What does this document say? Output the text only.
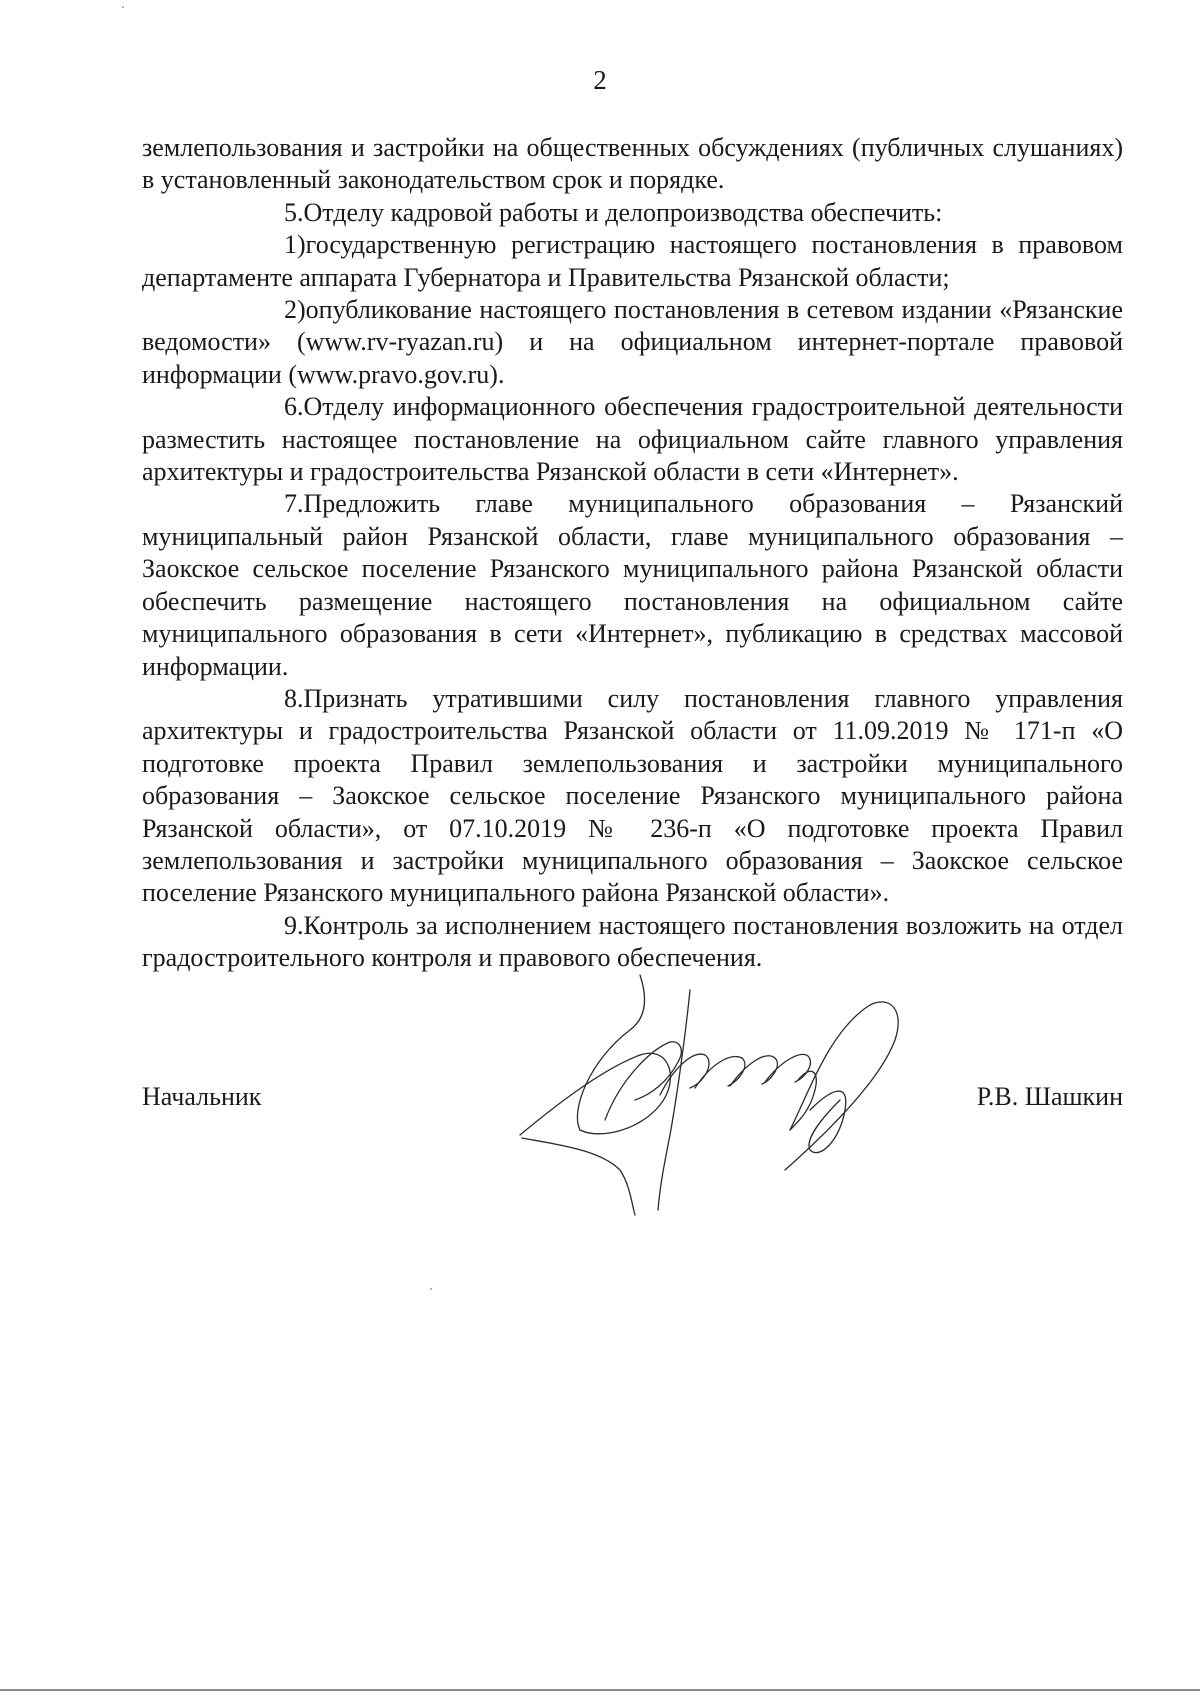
2

землепользования и застройки на общественных обсуждениях (публичных слушаниях) в установленный законодательством срок и порядке.

5.Отделу кадровой работы и делопроизводства обеспечить:

1)государственную регистрацию настоящего постановления в правовом департаменте аппарата Губернатора и Правительства Рязанской области;

2)опубликование настоящего постановления в сетевом издании «Рязанские ведомости» (www.rv-ryazan.ru) и на официальном интернет-портале правовой информации (www.pravo.gov.ru).

6.Отделу информационного обеспечения градостроительной деятельности разместить настоящее постановление на официальном сайте главного управления архитектуры и градостроительства Рязанской области в сети «Интернет».

7.Предложить главе муниципального образования – Рязанский муниципальный район Рязанской области, главе муниципального образования – Заокское сельское поселение Рязанского муниципального района Рязанской области обеспечить размещение настоящего постановления на официальном сайте муниципального образования в сети «Интернет», публикацию в средствах массовой информации.

8.Признать утратившими силу постановления главного управления архитектуры и градостроительства Рязанской области от 11.09.2019 № 171-п «О подготовке проекта Правил землепользования и застройки муниципального образования – Заокское сельское поселение Рязанского муниципального района Рязанской области», от 07.10.2019 № 236-п «О подготовке проекта Правил землепользования и застройки муниципального образования – Заокское сельское поселение Рязанского муниципального района Рязанской области».

9.Контроль за исполнением настоящего постановления возложить на отдел градостроительного контроля и правового обеспечения.

Начальник	Р.В. Шашкин
